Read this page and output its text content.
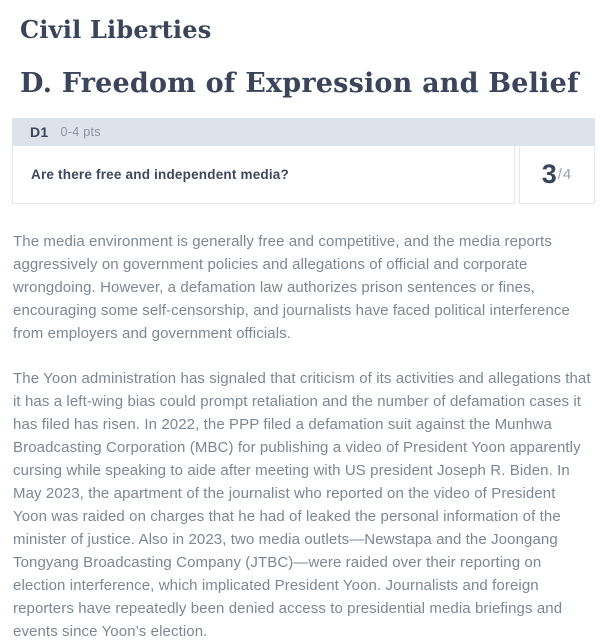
Civil Liberties
D. Freedom of Expression and Belief
D1 0-4 pts
Are there free and independent media?	3 /4

The media environment is generally free and competitive, and the media reports aggressively on government policies and allegations of official and corporate wrongdoing. However, a defamation law authorizes prison sentences or fines, encouraging some self-censorship, and journalists have faced political interference from employers and government officials.

The Yoon administration has signaled that criticism of its activities and allegations that it has a left-wing bias could prompt retaliation and the number of defamation cases it has filed has risen. In 2022, the PPP filed a defamation suit against the Munhwa Broadcasting Corporation (MBC) for publishing a video of President Yoon apparently cursing while speaking to aide after meeting with US president Joseph R. Biden. In May 2023, the apartment of the journalist who reported on the video of President Yoon was raided on charges that he had of leaked the personal information of the minister of justice. Also in 2023, two media outlets—Newstapa and the Joongang Tongyang Broadcasting Company (JTBC)—were raided over their reporting on election interference, which implicated President Yoon. Journalists and foreign reporters have repeatedly been denied access to presidential media briefings and events since Yoon’s election.
